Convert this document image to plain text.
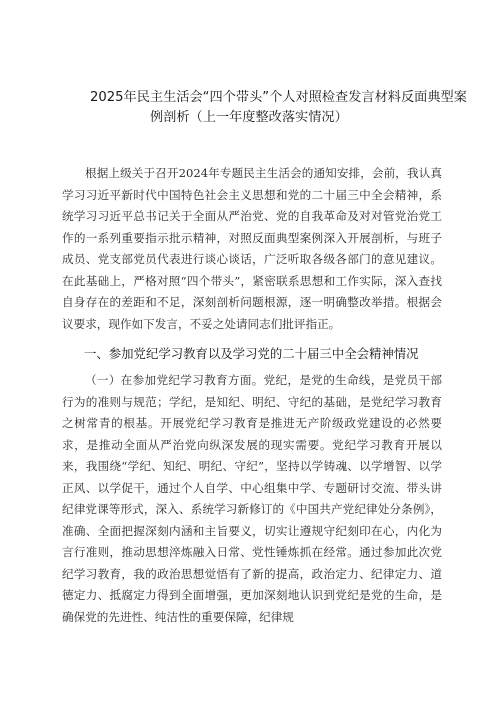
2025年民主生活会“四个带头”个人对照检查发言材料反面典型案
例剖析（上一年度整改落实情况）

根据上级关于召开2024年专题民主生活会的通知安排，会前，我认真学习习近平新时代中国特色社会主义思想和党的二十届三中全会精神，系统学习习近平总书记关于全面从严治党、党的自我革命及对对管党治党工作的一系列重要指示批示精神，对照反面典型案例深入开展剖析，与班子成员、党支部党员代表进行谈心谈话，广泛听取各级各部门的意见建议。在此基础上，严格对照“四个带头”，紧密联系思想和工作实际，深入查找自身存在的差距和不足，深刻剖析问题根源，逐一明确整改举措。根据会议要求，现作如下发言，不妥之处请同志们批评指正。

一、参加党纪学习教育以及学习党的二十届三中全会精神情况

（一）在参加党纪学习教育方面。党纪，是党的生命线，是党员干部行为的准则与规范；学纪，是知纪、明纪、守纪的基础，是党纪学习教育之树常青的根基。开展党纪学习教育是推进无产阶级政党建设的必然要求，是推动全面从严治党向纵深发展的现实需要。党纪学习教育开展以来，我围绕“学纪、知纪、明纪、守纪”，坚持以学铸魂、以学增智、以学正风、以学促干，通过个人自学、中心组集中学、专题研讨交流、带头讲纪律党课等形式，深入、系统学习新修订的《中国共产党纪律处分条例》，准确、全面把握深刻内涵和主旨要义，切实让遵规守纪刻印在心，内化为言行准则，推动思想淬炼融入日常、党性锤炼抓在经常。通过参加此次党纪学习教育，我的政治思想觉悟有了新的提高，政治定力、纪律定力、道德定力、抵腐定力得到全面增强，更加深刻地认识到党纪是党的生命，是确保党的先进性、纯洁性的重要保障，纪律规
